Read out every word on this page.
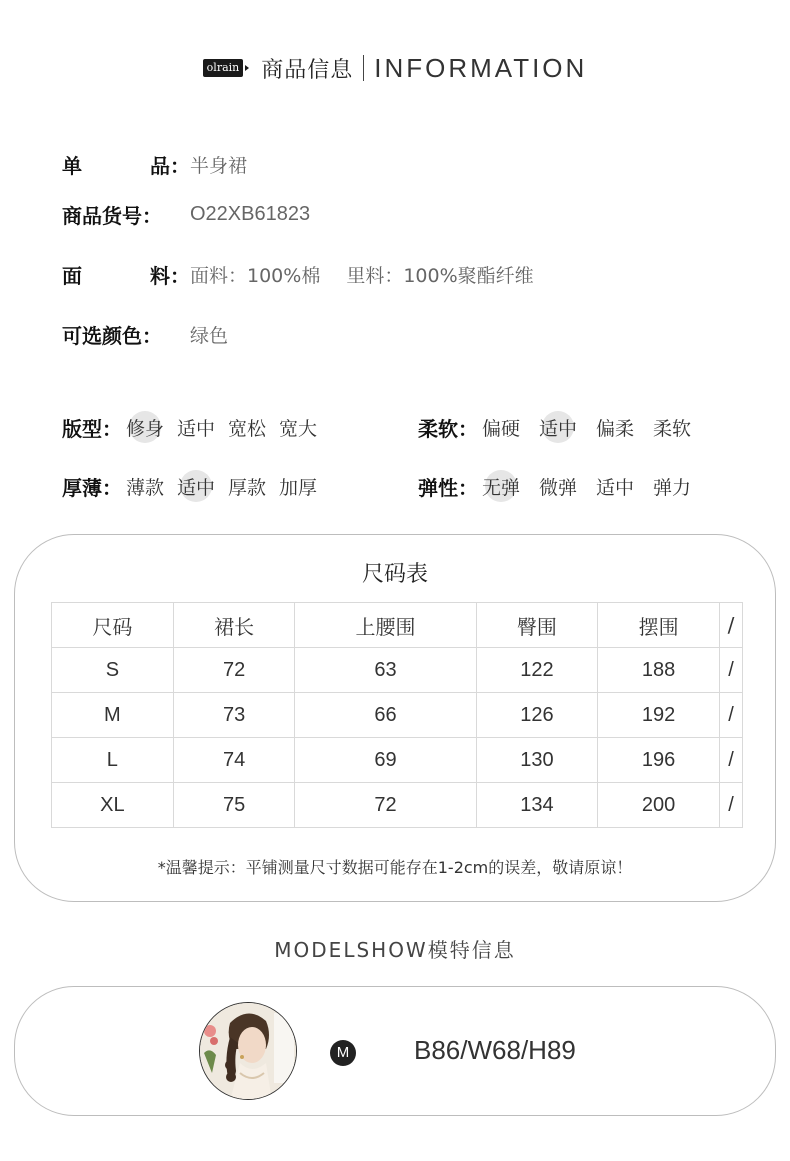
olrain 商品信息 INFORMATION
单	品： 半身裙
商品货号： O22XB61823
面	料： 面料：100%棉 里料：100%聚酯纤维
可选颜色： 绿色
版型： 修身 适中 宽松 宽大	柔软： 偏硬 适中 偏柔 柔软
厚薄： 薄款 适中 厚款 加厚	弹性： 无弹 微弹 适中 弹力
尺码表
尺码	裙长	上腰围	臀围	摆围	/
S	72	63	122	188	/
M	73	66	126	192	/
L	74	69	130	196	/
XL	75	72	134	200	/
*温馨提示：平铺测量尺寸数据可能存在1-2cm的误差，敬请原谅！
MODELSHOW模特信息
M B86/W68/H89
